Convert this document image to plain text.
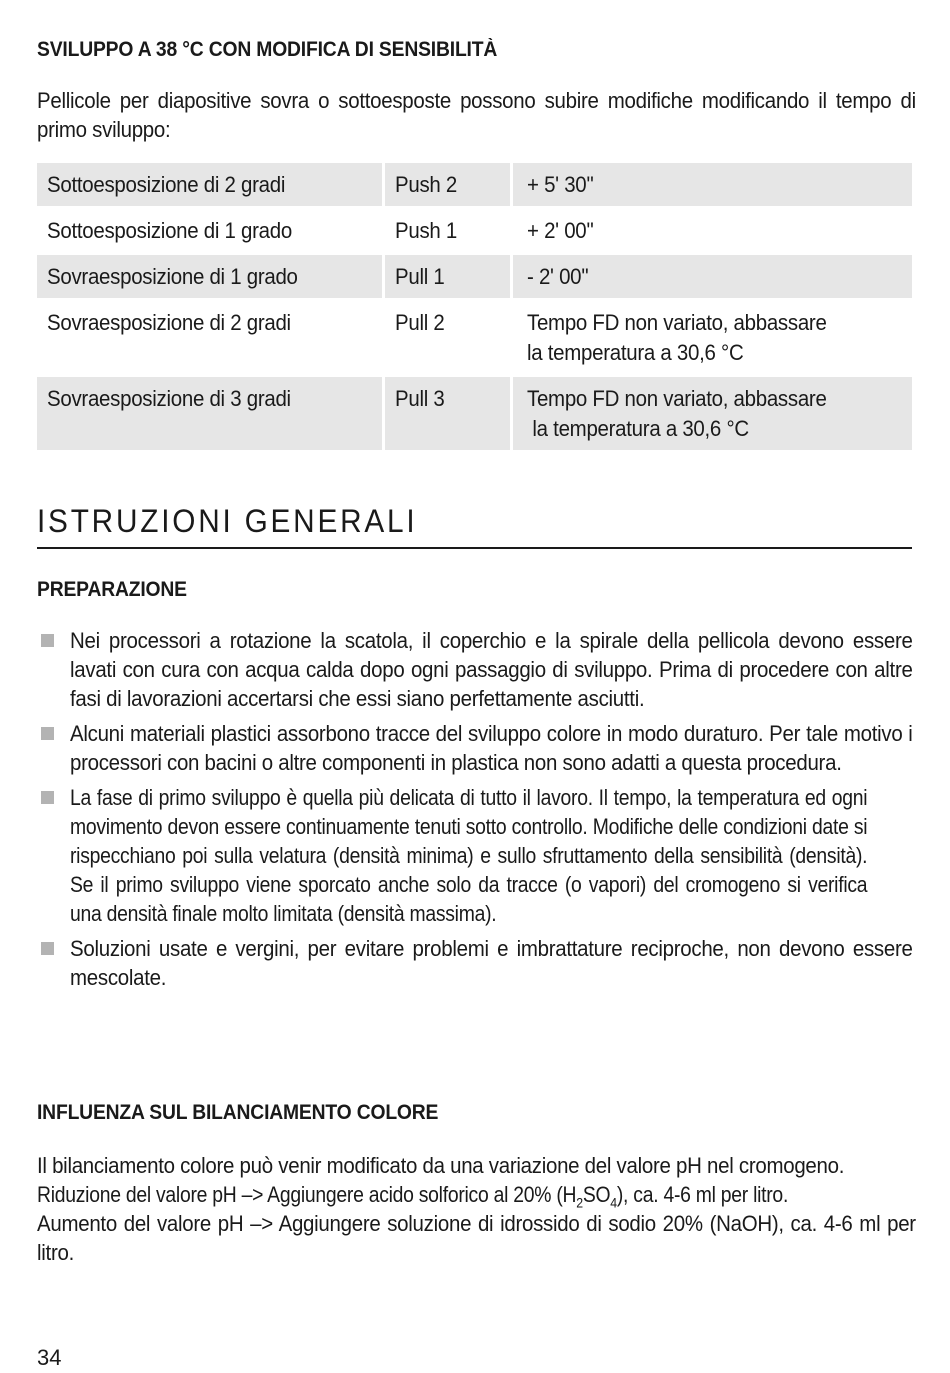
SVILUPPO A 38 °C CON MODIFICA DI SENSIBILITÀ
Pellicole per diapositive sovra o sottoesposte possono subire modifiche modificando il tempo di primo sviluppo:
Sottoesposizione di 2 gradi	Push 2	+ 5' 30''
Sottoesposizione di 1 grado	Push 1	+ 2' 00''
Sovraesposizione di 1 grado	Pull 1	- 2' 00''
Sovraesposizione di 2 gradi	Pull 2	Tempo FD non variato, abbassare
la temperatura a 30,6 °C
Sovraesposizione di 3 gradi	Pull 3	Tempo FD non variato, abbassare
la temperatura a 30,6 °C
ISTRUZIONI GENERALI
PREPARAZIONE
Nei processori a rotazione la scatola, il coperchio e la spirale della pellicola devono essere lavati con cura con acqua calda dopo ogni passaggio di sviluppo. Prima di procedere con altre fasi di lavorazioni accertarsi che essi siano perfettamente asciutti.
Alcuni materiali plastici assorbono tracce del sviluppo colore in modo duraturo. Per tale motivo i processori con bacini o altre componenti in plastica non sono adatti a questa procedura.
La fase di primo sviluppo è quella più delicata di tutto il lavoro. Il tempo, la temperatura ed ogni movimento devon essere continuamente tenuti sotto controllo. Modifiche delle condizioni date si rispecchiano poi sulla velatura (densità minima) e sullo sfruttamento della sensibilità (densità). Se il primo sviluppo viene sporcato anche solo da tracce (o vapori) del cromogeno si verifica una densità finale molto limitata (densità massima).
Soluzioni usate e vergini, per evitare problemi e imbrattature reciproche, non devono essere mescolate.
INFLUENZA SUL BILANCIAMENTO COLORE
Il bilanciamento colore può venir modificato da una variazione del valore pH nel cromogeno.
Riduzione del valore pH –> Aggiungere acido solforico al 20% $(H_2SO_4)$, ca. 4-6 ml per litro.
Aumento del valore pH –> Aggiungere soluzione di idrossido di sodio 20% (NaOH), ca. 4-6 ml per litro.
34
